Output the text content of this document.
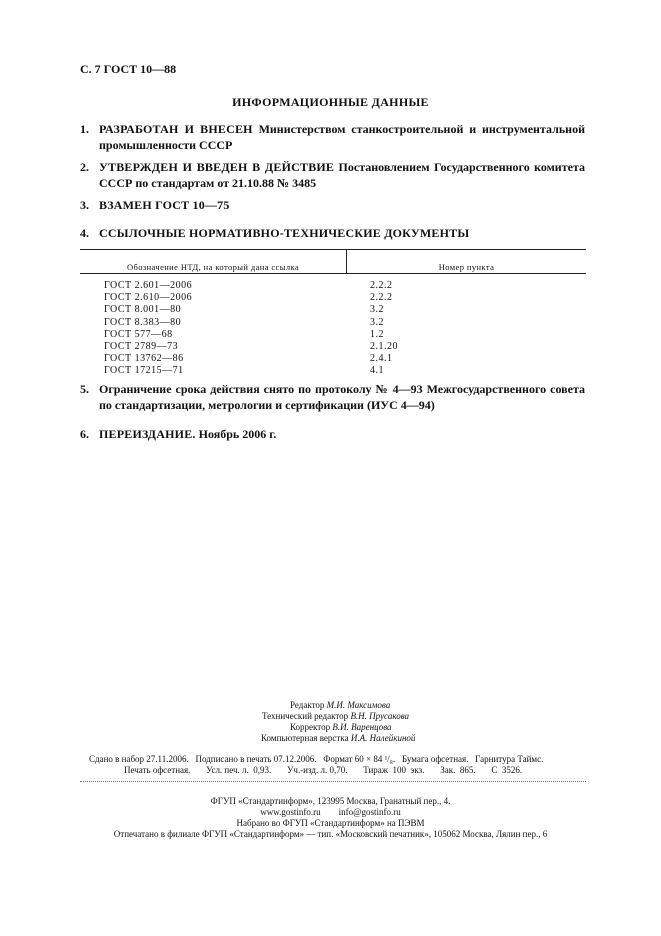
С. 7 ГОСТ 10—88
ИНФОРМАЦИОННЫЕ ДАННЫЕ
1. РАЗРАБОТАН И ВНЕСЕН Министерством станкостроительной и инструментальной промышленности СССР
2. УТВЕРЖДЕН И ВВЕДЕН В ДЕЙСТВИЕ Постановлением Государственного комитета СССР по стандартам от 21.10.88 № 3485
3. ВЗАМЕН ГОСТ 10—75
4. ССЫЛОЧНЫЕ НОРМАТИВНО-ТЕХНИЧЕСКИЕ ДОКУМЕНТЫ
Обозначение НТД, на который дана ссылка	Номер пункта
ГОСТ 2.601—2006	2.2.2
ГОСТ 2.610—2006	2.2.2
ГОСТ 8.001—80	3.2
ГОСТ 8.383—80	3.2
ГОСТ 577—68	1.2
ГОСТ 2789—73	2.1.20
ГОСТ 13762—86	2.4.1
ГОСТ 17215—71	4.1
5. Ограничение срока действия снято по протоколу № 4—93 Межгосударственного совета по стандартизации, метрологии и сертификации (ИУС 4—94)
6. ПЕРЕИЗДАНИЕ. Ноябрь 2006 г.
Редактор М.И. Максимова
Технический редактор В.Н. Прусакова
Корректор В.И. Варенцова
Компьютерная верстка И.А. Налейкиной
Сдано в набор 27.11.2006.   Подписано в печать 07.12.2006.   Формат 60 × 84 ¹/₈.   Бумага офсетная.   Гарнитура Таймс.
Печать офсетная.       Усл. печ. л.  0,93.       Уч.-изд. л. 0,70.       Тираж  100  экз.       Зак.  865.       С  3526.
ФГУП «Стандартинформ», 123995 Москва, Гранатный пер., 4.
www.gostinfo.ru        info@gostinfo.ru
Набрано во ФГУП «Стандартинформ» на ПЭВМ
Отпечатано в филиале ФГУП «Стандартинформ» — тип. «Московский печатник», 105062 Москва, Лялин пер., 6
